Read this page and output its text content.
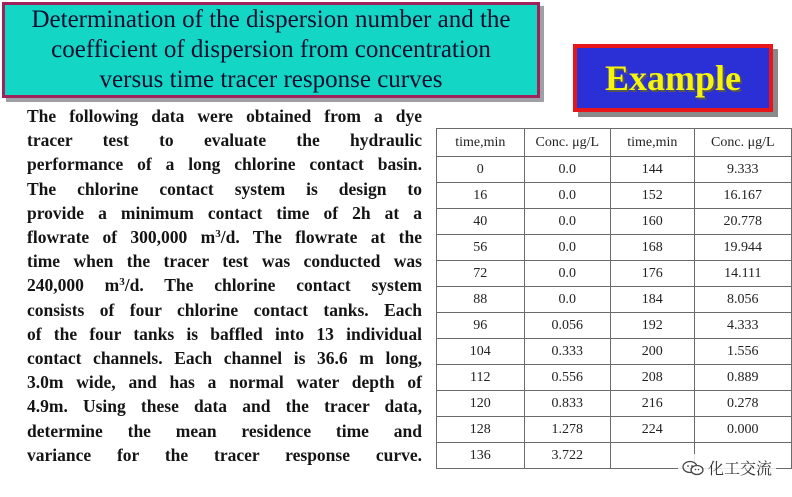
Determination of the dispersion number and the
coefficient of dispersion from concentration
versus time tracer response curves	Example
The following data were obtained from a dye
tracer test to evaluate the hydraulic
performance of a long chlorine contact basin.
The chlorine contact system is design to
provide a minimum contact time of 2h at a
flowrate of 300,000 $m^3/d$. The flowrate at the
time when the tracer test was conducted was
240,000 $m^3/d$. The chlorine contact system
consists of four chlorine contact tanks. Each
of the four tanks is baffled into 13 individual
contact channels. Each channel is 36.6 m long,
3.0m wide, and has a normal water depth of
4.9m. Using these data and the tracer data,
determine the mean residence time and
variance for the tracer response curve.
time,min	Conc. μg/L	time,min	Conc. μg/L
0	0.0	144	9.333
16	0.0	152	16.167
40	0.0	160	20.778
56	0.0	168	19.944
72	0.0	176	14.111
88	0.0	184	8.056
96	0.056	192	4.333
104	0.333	200	1.556
112	0.556	208	0.889
120	0.833	216	0.278
128	1.278	224	0.000
136	3.722		
化工交流
